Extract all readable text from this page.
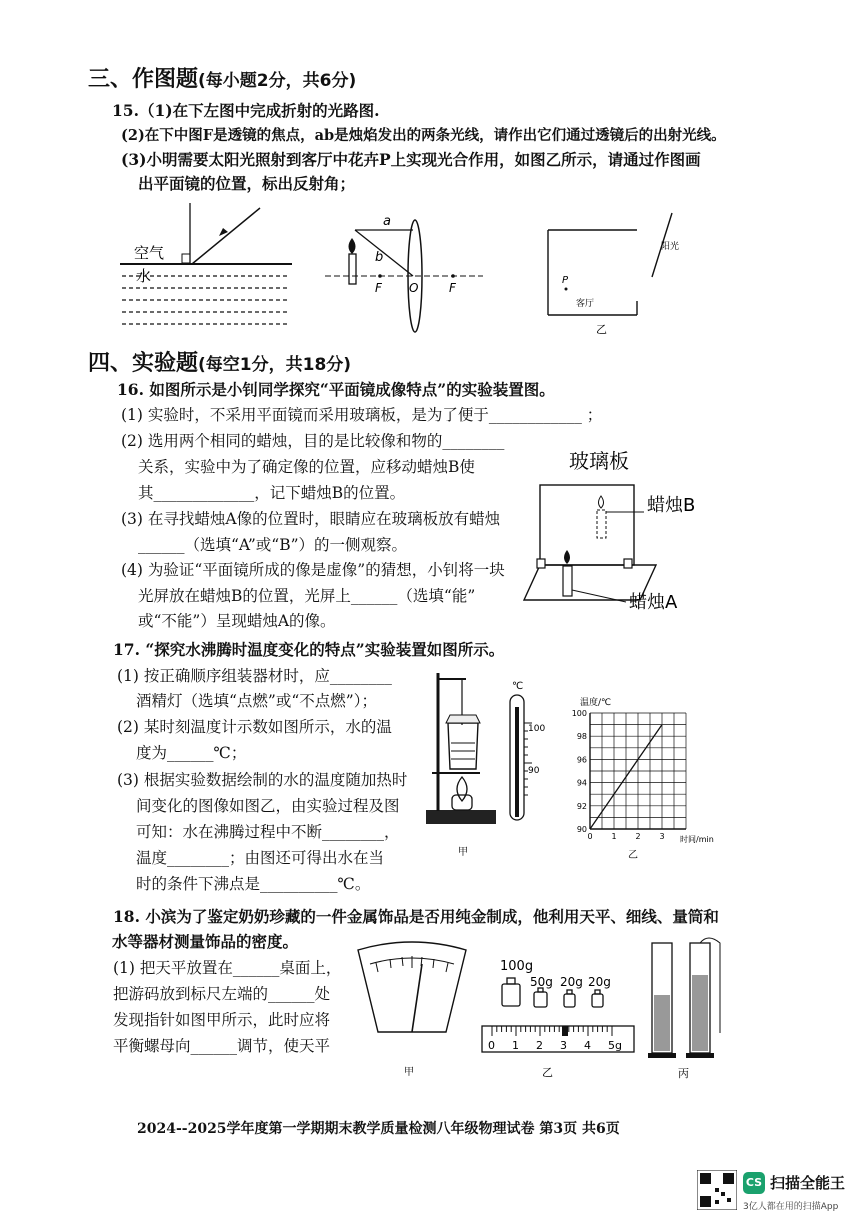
三、作图题(每小题2分，共6分)
15.（1)在下左图中完成折射的光路图.
(2)在下中图F是透镜的焦点，ab是烛焰发出的两条光线，请作出它们通过透镜后的出射光线。
(3)小明需要太阳光照射到客厅中花卉P上实现光合作用，如图乙所示，请通过作图画
出平面镜的位置，标出反射角；
空气
水
a
b
F O	F
阳光
P
客厅
乙
四、实验题(每空1分，共18分)
16. 如图所示是小钊同学探究“平面镜成像特点”的实验装置图。
(1) 实验时，不采用平面镜而采用玻璃板，是为了便于____________ ；
(2) 选用两个相同的蜡烛，目的是比较像和物的________
关系，实验中为了确定像的位置，应移动蜡烛B使
其_____________，记下蜡烛B的位置。
(3) 在寻找蜡烛A像的位置时，眼睛应在玻璃板放有蜡烛
______（选填“A”或“B”）的一侧观察。
(4) 为验证“平面镜所成的像是虚像”的猜想，小钊将一块
光屏放在蜡烛B的位置，光屏上______（选填“能”
或“不能”）呈现蜡烛A的像。
玻璃板
蜡烛B
蜡烛A
17. “探究水沸腾时温度变化的特点”实验装置如图所示。
(1) 按正确顺序组装器材时，应________
酒精灯（选填“点燃”或“不点燃”）；
(2) 某时刻温度计示数如图所示，水的温
度为______℃；
(3) 根据实验数据绘制的水的温度随加热时
间变化的图像如图乙，由实验过程及图
可知：水在沸腾过程中不断________，
温度________；由图还可得出水在当
时的条件下沸点是__________℃。
℃
100
90
甲
温度/℃
时间/min
乙
100
98
96
94
92
90
0 1 2 3
18. 小滨为了鉴定奶奶珍藏的一件金属饰品是否用纯金制成，他利用天平、细线、量筒和
水等器材测量饰品的密度。
(1) 把天平放置在______桌面上，
把游码放到标尺左端的______处
发现指针如图甲所示，此时应将
平衡螺母向______调节，使天平
甲
100g
50g 20g 20g
0 1 2 3 4 5g
乙	丙
2024--2025学年度第一学期期末教学质量检测八年级物理试卷 第3页 共6页
CS 扫描全能王
3亿人都在用的扫描App
